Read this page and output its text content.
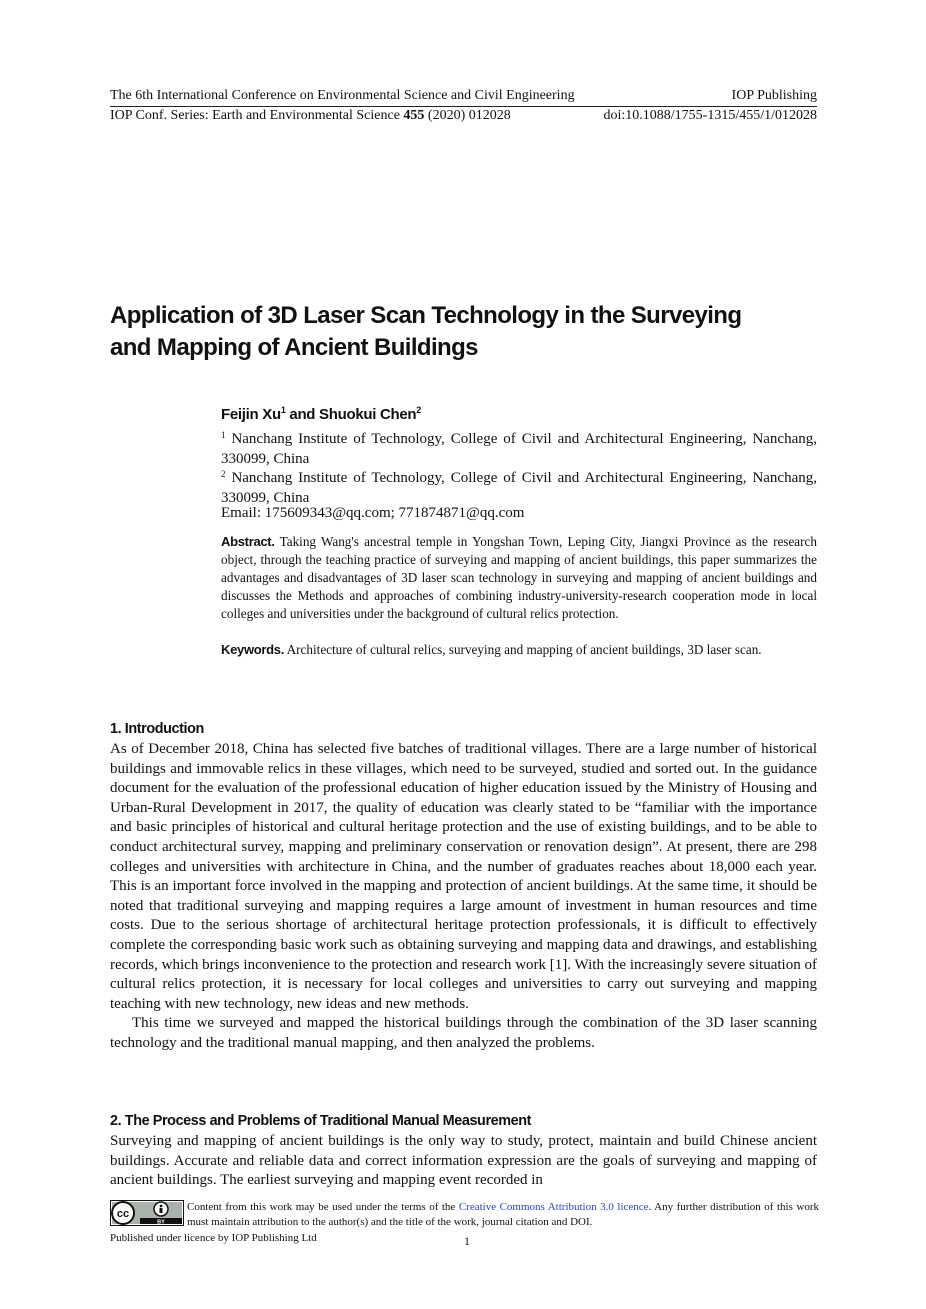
The 6th International Conference on Environmental Science and Civil Engineering	IOP Publishing
IOP Conf. Series: Earth and Environmental Science 455 (2020) 012028	doi:10.1088/1755-1315/455/1/012028
Application of 3D Laser Scan Technology in the Surveying
and Mapping of Ancient Buildings
Feijin Xu$^1$ and Shuokui Chen$^2$
$^1$ Nanchang Institute of Technology, College of Civil and Architectural Engineering, Nanchang, 330099, China
$^2$ Nanchang Institute of Technology, College of Civil and Architectural Engineering, Nanchang, 330099, China
Email: 175609343@qq.com; 771874871@qq.com
Abstract. Taking Wang's ancestral temple in Yongshan Town, Leping City, Jiangxi Province as the research object, through the teaching practice of surveying and mapping of ancient buildings, this paper summarizes the advantages and disadvantages of 3D laser scan technology in surveying and mapping of ancient buildings and discusses the Methods and approaches of combining industry-university-research cooperation mode in local colleges and universities under the background of cultural relics protection.
Keywords. Architecture of cultural relics, surveying and mapping of ancient buildings, 3D laser scan.
1. Introduction

As of December 2018, China has selected five batches of traditional villages. There are a large number of historical buildings and immovable relics in these villages, which need to be surveyed, studied and sorted out. In the guidance document for the evaluation of the professional education of higher education issued by the Ministry of Housing and Urban-Rural Development in 2017, the quality of education was clearly stated to be “familiar with the importance and basic principles of historical and cultural heritage protection and the use of existing buildings, and to be able to conduct architectural survey, mapping and preliminary conservation or renovation design”. At present, there are 298 colleges and universities with architecture in China, and the number of graduates reaches about 18,000 each year. This is an important force involved in the mapping and protection of ancient buildings. At the same time, it should be noted that traditional surveying and mapping requires a large amount of investment in human resources and time costs. Due to the serious shortage of architectural heritage protection professionals, it is difficult to effectively complete the corresponding basic work such as obtaining surveying and mapping data and drawings, and establishing records, which brings inconvenience to the protection and research work [1]. With the increasingly severe situation of cultural relics protection, it is necessary for local colleges and universities to carry out surveying and mapping teaching with new technology, new ideas and new methods.

This time we surveyed and mapped the historical buildings through the combination of the 3D laser scanning technology and the traditional manual mapping, and then analyzed the problems.

2. The Process and Problems of Traditional Manual Measurement

Surveying and mapping of ancient buildings is the only way to study, protect, maintain and build Chinese ancient buildings. Accurate and reliable data and correct information expression are the goals of surveying and mapping of ancient buildings. The earliest surveying and mapping event recorded in

cc
BY
Content from this work may be used under the terms of the Creative Commons Attribution 3.0 licence. Any further distribution of this work must maintain attribution to the author(s) and the title of the work, journal citation and DOI.
Published under licence by IOP Publishing Ltd	1
